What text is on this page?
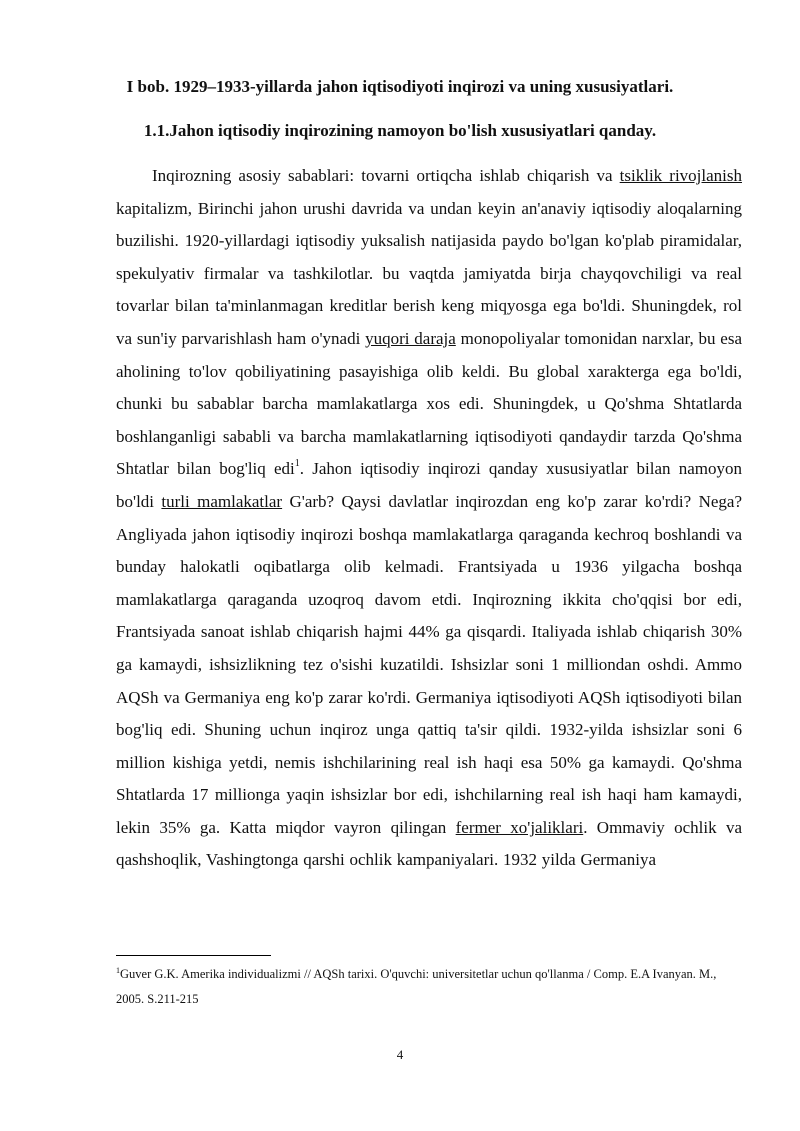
I bob. 1929–1933-yillarda jahon iqtisodiyoti inqirozi va uning xususiyatlari.
1.1.Jahon iqtisodiy inqirozining namoyon bo'lish xususiyatlari qanday.

Inqirozning asosiy sabablari: tovarni ortiqcha ishlab chiqarish va tsiklik rivojlanish kapitalizm, Birinchi jahon urushi davrida va undan keyin an'anaviy iqtisodiy aloqalarning buzilishi. 1920-yillardagi iqtisodiy yuksalish natijasida paydo bo'lgan ko'plab piramidalar, spekulyativ firmalar va tashkilotlar. bu vaqtda jamiyatda birja chayqovchiligi va real tovarlar bilan ta'minlanmagan kreditlar berish keng miqyosga ega bo'ldi. Shuningdek, rol va sun'iy parvarishlash ham o'ynadi yuqori daraja monopoliyalar tomonidan narxlar, bu esa aholining to'lov qobiliyatining pasayishiga olib keldi. Bu global xarakterga ega bo'ldi, chunki bu sabablar barcha mamlakatlarga xos edi. Shuningdek, u Qo'shma Shtatlarda boshlanganligi sababli va barcha mamlakatlarning iqtisodiyoti qandaydir tarzda Qo'shma Shtatlar bilan bog'liq edi$^1$. Jahon iqtisodiy inqirozi qanday xususiyatlar bilan namoyon bo'ldi turli mamlakatlar G'arb? Qaysi davlatlar inqirozdan eng ko'p zarar ko'rdi? Nega?Angliyada jahon iqtisodiy inqirozi boshqa mamlakatlarga qaraganda kechroq boshlandi va bunday halokatli oqibatlarga olib kelmadi. Frantsiyada u 1936 yilgacha boshqa mamlakatlarga qaraganda uzoqroq davom etdi. Inqirozning ikkita cho'qqisi bor edi, Frantsiyada sanoat ishlab chiqarish hajmi 44% ga qisqardi. Italiyada ishlab chiqarish 30% ga kamaydi, ishsizlikning tez o'sishi kuzatildi. Ishsizlar soni 1 milliondan oshdi. Ammo AQSh va Germaniya eng ko'p zarar ko'rdi. Germaniya iqtisodiyoti AQSh iqtisodiyoti bilan bog'liq edi. Shuning uchun inqiroz unga qattiq ta'sir qildi. 1932-yilda ishsizlar soni 6 million kishiga yetdi, nemis ishchilarining real ish haqi esa 50% ga kamaydi. Qo'shma Shtatlarda 17 millionga yaqin ishsizlar bor edi, ishchilarning real ish haqi ham kamaydi, lekin 35% ga. Katta miqdor vayron qilingan fermer xo'jaliklari. Ommaviy ochlik va qashshoqlik, Vashingtonga qarshi ochlik kampaniyalari. 1932 yilda Germaniya

$^1$Guver G.K. Amerika individualizmi // AQSh tarixi. O'quvchi: universitetlar uchun qo'llanma / Comp. E.A Ivanyan. M., 2005. S.211-215

4
